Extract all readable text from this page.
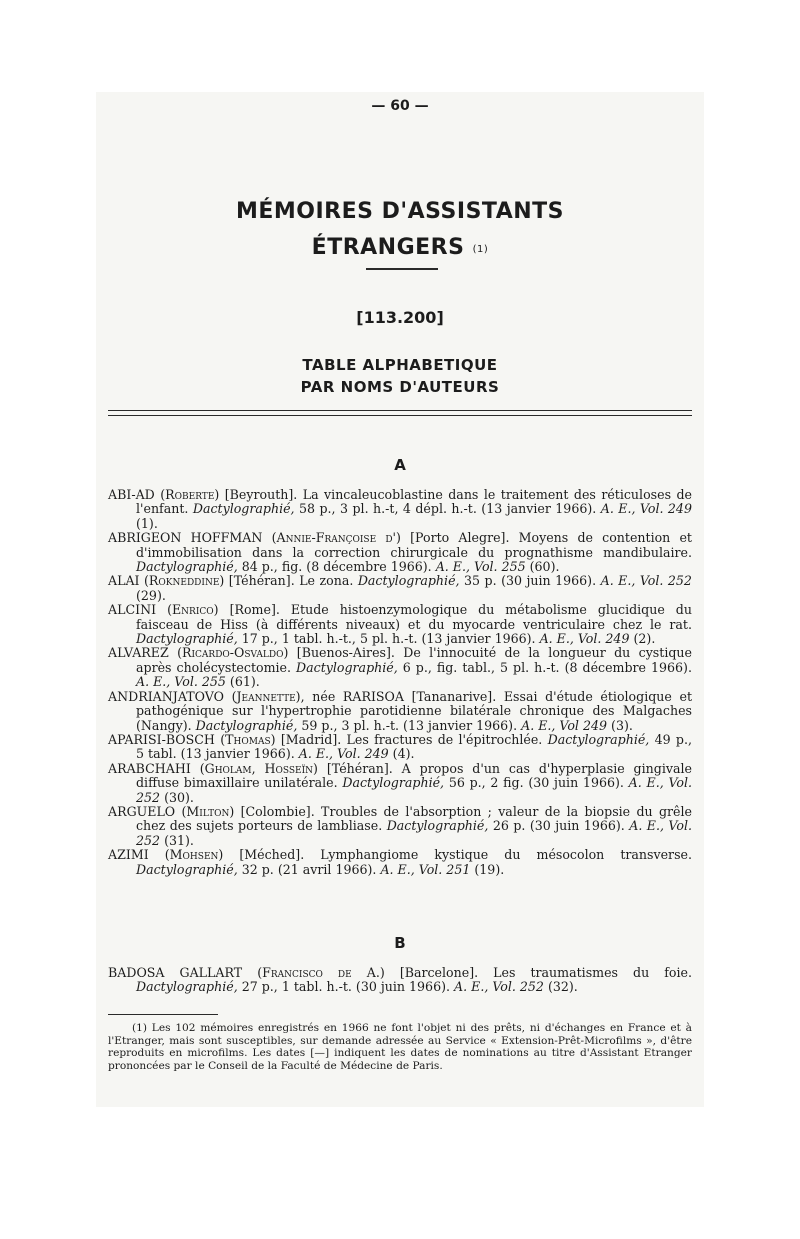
— 60 —
MÉMOIRES D'ASSISTANTS
ÉTRANGERS $^{(1)}$
[113.200]
TABLE ALPHABETIQUE
PAR NOMS D'AUTEURS
A

ABI-AD (Roberte) [Beyrouth]. La vincaleucoblastine dans le traitement des réticuloses de l'enfant. Dactylographié, 58 p., 3 pl. h.-t, 4 dépl. h.-t. (13 janvier 1966). A. E., Vol. 249 (1).

ABRIGEON HOFFMAN (Annie-Françoise d') [Porto Alegre]. Moyens de contention et d'immobilisation dans la correction chirurgicale du prognathisme mandibulaire. Dactylographié, 84 p., fig. (8 décembre 1966). A. E., Vol. 255 (60).

ALAI (Rokneddine) [Téhéran]. Le zona. Dactylographié, 35 p. (30 juin 1966). A. E., Vol. 252 (29).

ALCINI (Enrico) [Rome]. Etude histoenzymologique du métabolisme glucidique du faisceau de Hiss (à différents niveaux) et du myocarde ventriculaire chez le rat. Dactylographié, 17 p., 1 tabl. h.-t., 5 pl. h.-t. (13 janvier 1966). A. E., Vol. 249 (2).

ALVAREZ (Ricardo-Osvaldo) [Buenos-Aires]. De l'innocuité de la longueur du cystique après cholécystectomie. Dactylographié, 6 p., fig. tabl., 5 pl. h.-t. (8 décembre 1966). A. E., Vol. 255 (61).

ANDRIANJATOVO (Jeannette), née RARISOA [Tananarive]. Essai d'étude étiologique et pathogénique sur l'hypertrophie parotidienne bilatérale chronique des Malgaches (Nangy). Dactylographié, 59 p., 3 pl. h.-t. (13 janvier 1966). A. E., Vol 249 (3).

APARISI-BOSCH (Thomas) [Madrid]. Les fractures de l'épitrochlée. Dactylographié, 49 p., 5 tabl. (13 janvier 1966). A. E., Vol. 249 (4).

ARABCHAHI (Gholam, Hosseïn) [Téhéran]. A propos d'un cas d'hyperplasie gingivale diffuse bimaxillaire unilatérale. Dactylographié, 56 p., 2 fig. (30 juin 1966). A. E., Vol. 252 (30).

ARGUELO (Milton) [Colombie]. Troubles de l'absorption ; valeur de la biopsie du grêle chez des sujets porteurs de lambliase. Dactylographié, 26 p. (30 juin 1966). A. E., Vol. 252 (31).

AZIMI (Mohsen) [Méched]. Lymphangiome kystique du mésocolon transverse. Dactylographié, 32 p. (21 avril 1966). A. E., Vol. 251 (19).

B

BADOSA GALLART (Francisco de A.) [Barcelone]. Les traumatismes du foie. Dactylographié, 27 p., 1 tabl. h.-t. (30 juin 1966). A. E., Vol. 252 (32).

(1) Les 102 mémoires enregistrés en 1966 ne font l'objet ni des prêts, ni d'échanges en France et à l'Etranger, mais sont susceptibles, sur demande adressée au Service « Extension-Prêt-Microfilms », d'être reproduits en microfilms. Les dates [—] indiquent les dates de nominations au titre d'Assistant Etranger prononcées par le Conseil de la Faculté de Médecine de Paris.
